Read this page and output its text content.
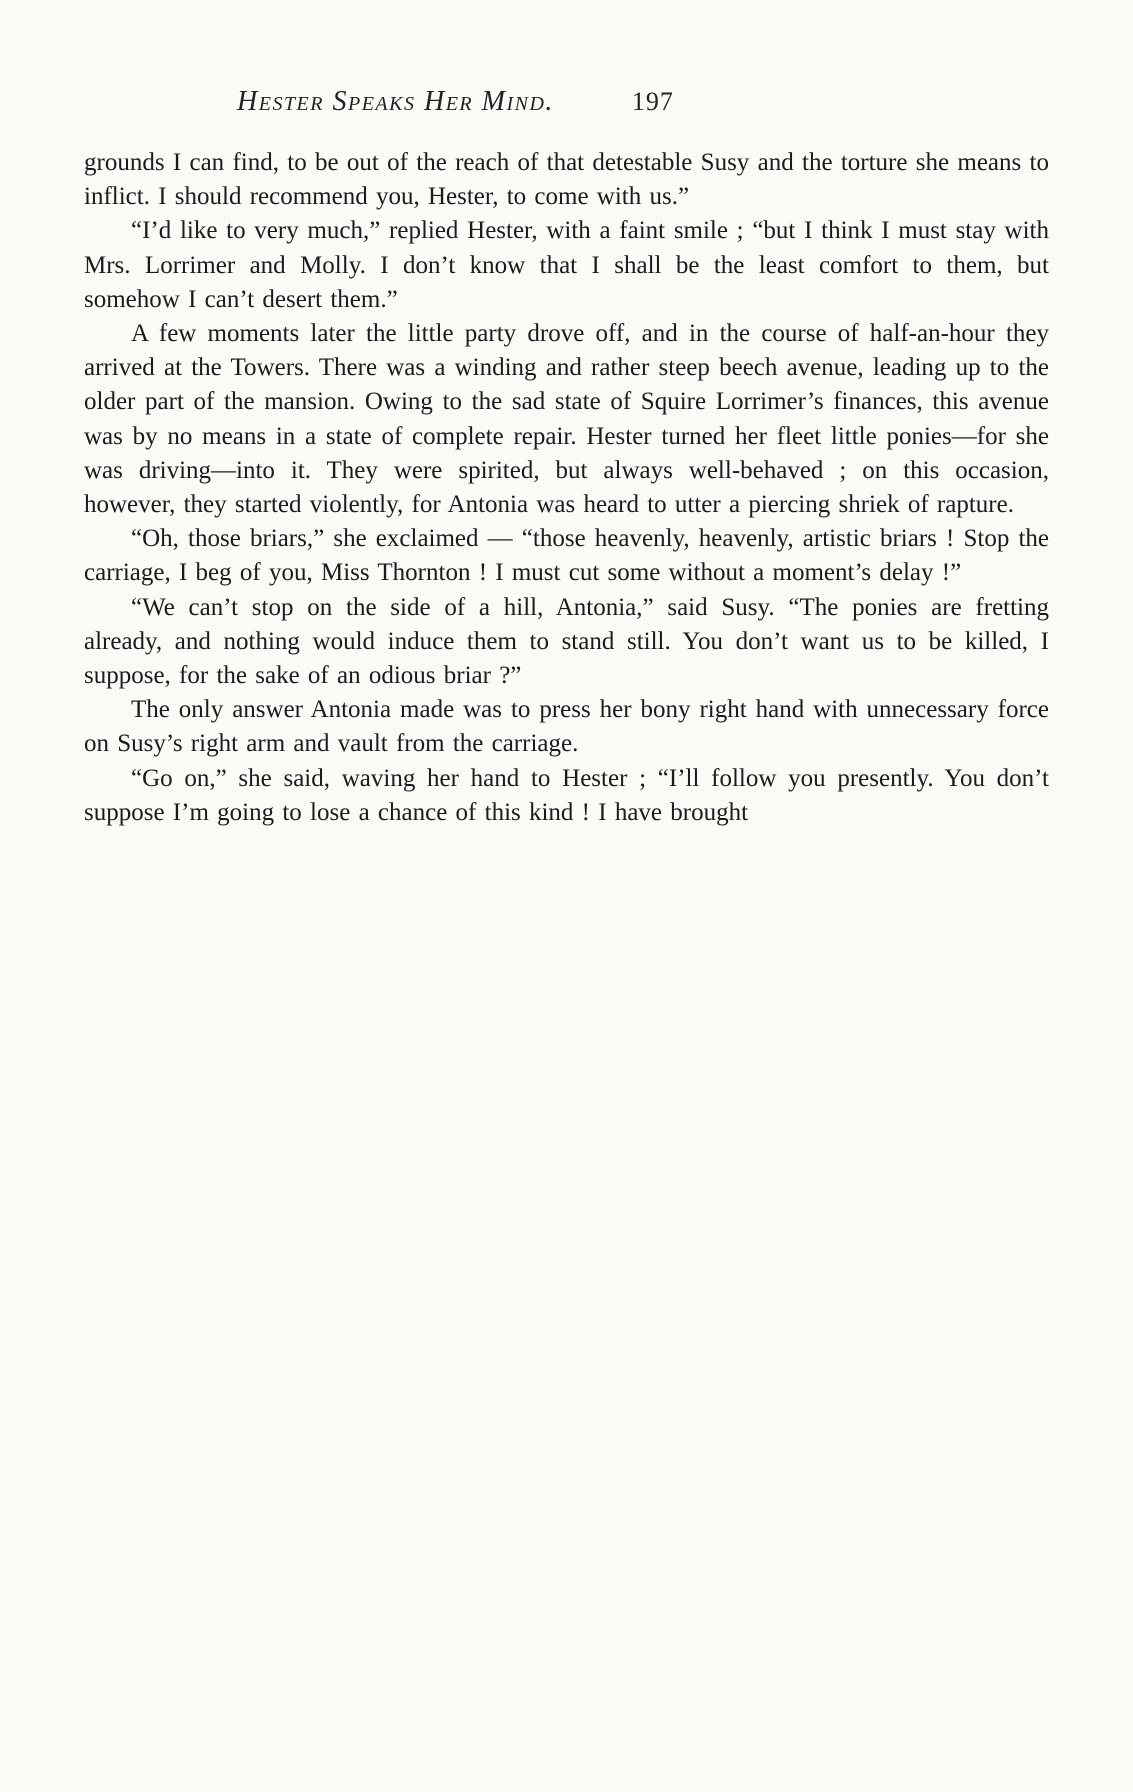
Hester Speaks Her Mind.	197

grounds I can find, to be out of the reach of that detestable Susy and the torture she means to inflict. I should recommend you, Hester, to come with us.”

“I’d like to very much,” replied Hester, with a faint smile ; “but I think I must stay with Mrs. Lorrimer and Molly. I don’t know that I shall be the least comfort to them, but somehow I can’t desert them.”

A few moments later the little party drove off, and in the course of half-an-hour they arrived at the Towers. There was a winding and rather steep beech avenue, leading up to the older part of the mansion. Owing to the sad state of Squire Lorrimer’s finances, this avenue was by no means in a state of complete repair. Hester turned her fleet little ponies—for she was driving—into it. They were spirited, but always well-behaved ; on this occasion, however, they started violently, for Antonia was heard to utter a piercing shriek of rapture.

“Oh, those briars,” she exclaimed — “those heavenly, heavenly, artistic briars ! Stop the carriage, I beg of you, Miss Thornton ! I must cut some without a moment’s delay !”

“We can’t stop on the side of a hill, Antonia,” said Susy. “The ponies are fretting already, and nothing would induce them to stand still. You don’t want us to be killed, I suppose, for the sake of an odious briar ?”

The only answer Antonia made was to press her bony right hand with unnecessary force on Susy’s right arm and vault from the carriage.

“Go on,” she said, waving her hand to Hester ; “I’ll follow you presently. You don’t suppose I’m going to lose a chance of this kind ! I have brought
